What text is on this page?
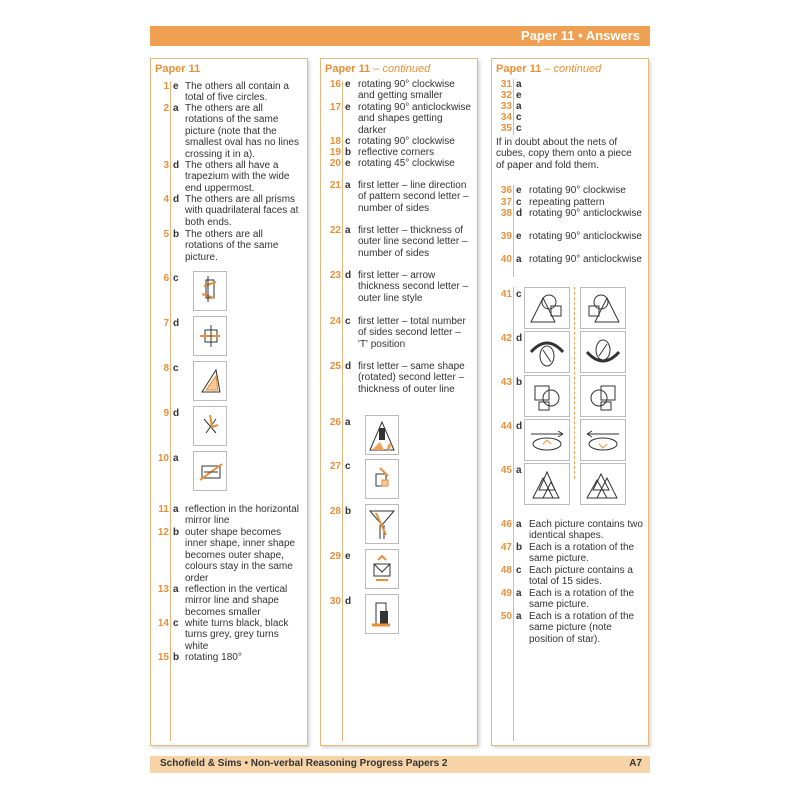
Paper 11 • Answers
Paper 11
1 e The others all contain a total of five circles.
2 a The others are all rotations of the same picture (note that the smallest oval has no lines crossing it in a).
3 d The others all have a trapezium with the wide end uppermost.
4 d The others are all prisms with quadrilateral faces at both ends.
5 b The others are all rotations of the same picture.
6 c
7 d
8 c
9 d
10 a
11 a reflection in the horizontal mirror line
12 b outer shape becomes inner shape, inner shape becomes outer shape, colours stay in the same order
13 a reflection in the vertical mirror line and shape becomes smaller
14 c white turns black, black turns grey, grey turns white
15 b rotating 180°
Paper 11 – continued
16 e rotating 90° clockwise and getting smaller
17 e rotating 90° anticlockwise and shapes getting darker
18 c rotating 90° clockwise
19 b reflective corners
20 e rotating 45° clockwise
21 a first letter – line direction of pattern second letter – number of sides
22 a first letter – thickness of outer line second letter – number of sides
23 d first letter – arrow thickness second letter – outer line style
24 c first letter – total number of sides second letter – 'T' position
25 d first letter – same shape (rotated) second letter – thickness of outer line
26 a
27 c
28 b
29 e
30 d
Paper 11 – continued
31 a
32 e
33 a
34 c
35 c
If in doubt about the nets of cubes, copy them onto a piece of paper and fold them.
36 e rotating 90° clockwise
37 c repeating pattern
38 d rotating 90° anticlockwise
39 e rotating 90° anticlockwise
40 a rotating 90° anticlockwise
41 c
42 d
43 b
44 d
45 a
46 a Each picture contains two identical shapes.
47 b Each is a rotation of the same picture.
48 c Each picture contains a total of 15 sides.
49 a Each is a rotation of the same picture.
50 a Each is a rotation of the same picture (note position of star).
Schofield & Sims • Non-verbal Reasoning Progress Papers 2	A7
